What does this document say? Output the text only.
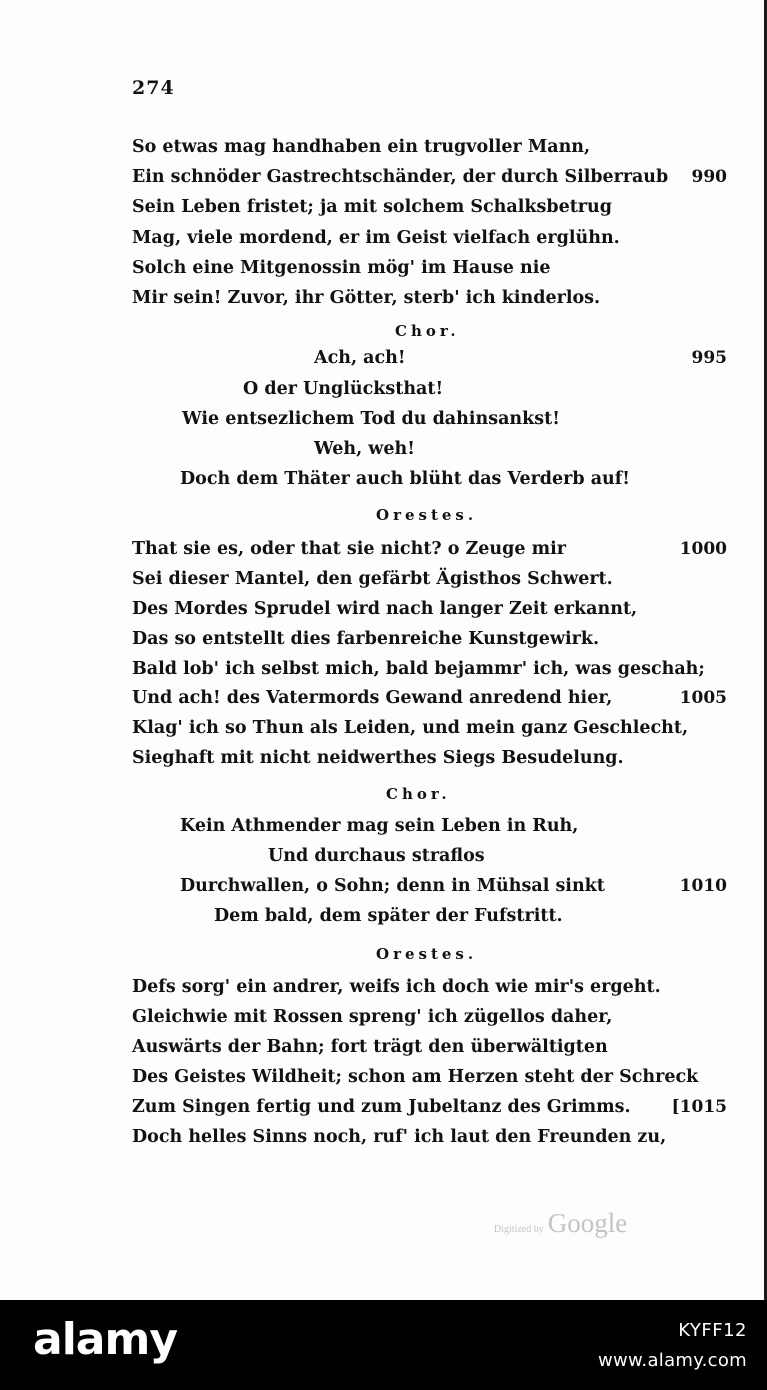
274
So etwas mag handhaben ein trugvoller Mann,
Ein schnöder Gastrechtschänder, der durch Silberraub 990
Sein Leben fristet; ja mit solchem Schalksbetrug
Mag, viele mordend, er im Geist vielfach erglühn.
Solch eine Mitgenossin mög' im Hause nie
Mir sein! Zuvor, ihr Götter, sterb' ich kinderlos.
Chor.
Ach, ach!	995
O der Unglücksthat!
Wie entsezlichem Tod du dahinsankst!
Weh, weh!
Doch dem Thäter auch blüht das Verderb auf!
Orestes.
That sie es, oder that sie nicht? o Zeuge mir	1000
Sei dieser Mantel, den gefärbt Ägisthos Schwert.
Des Mordes Sprudel wird nach langer Zeit erkannt,
Das so entstellt dies farbenreiche Kunstgewirk.
Bald lob' ich selbst mich, bald bejammr' ich, was geschah;
Und ach! des Vatermords Gewand anredend hier,	1005
Klag' ich so Thun als Leiden, und mein ganz Geschlecht,
Sieghaft mit nicht neidwerthes Siegs Besudelung.
Chor.
Kein Athmender mag sein Leben in Ruh,
Und durchaus straflos
Durchwallen, o Sohn; denn in Mühsal sinkt	1010
Dem bald, dem später der Fufstritt.
Orestes.
Defs sorg' ein andrer, weifs ich doch wie mir's ergeht.
Gleichwie mit Rossen spreng' ich zügellos daher,
Auswärts der Bahn; fort trägt den überwältigten
Des Geistes Wildheit; schon am Herzen steht der Schreck
Zum Singen fertig und zum Jubeltanz des Grimms. [1015
Doch helles Sinns noch, ruf' ich laut den Freunden zu,
Digitized by Google
alamy	KYFF12
www.alamy.com
